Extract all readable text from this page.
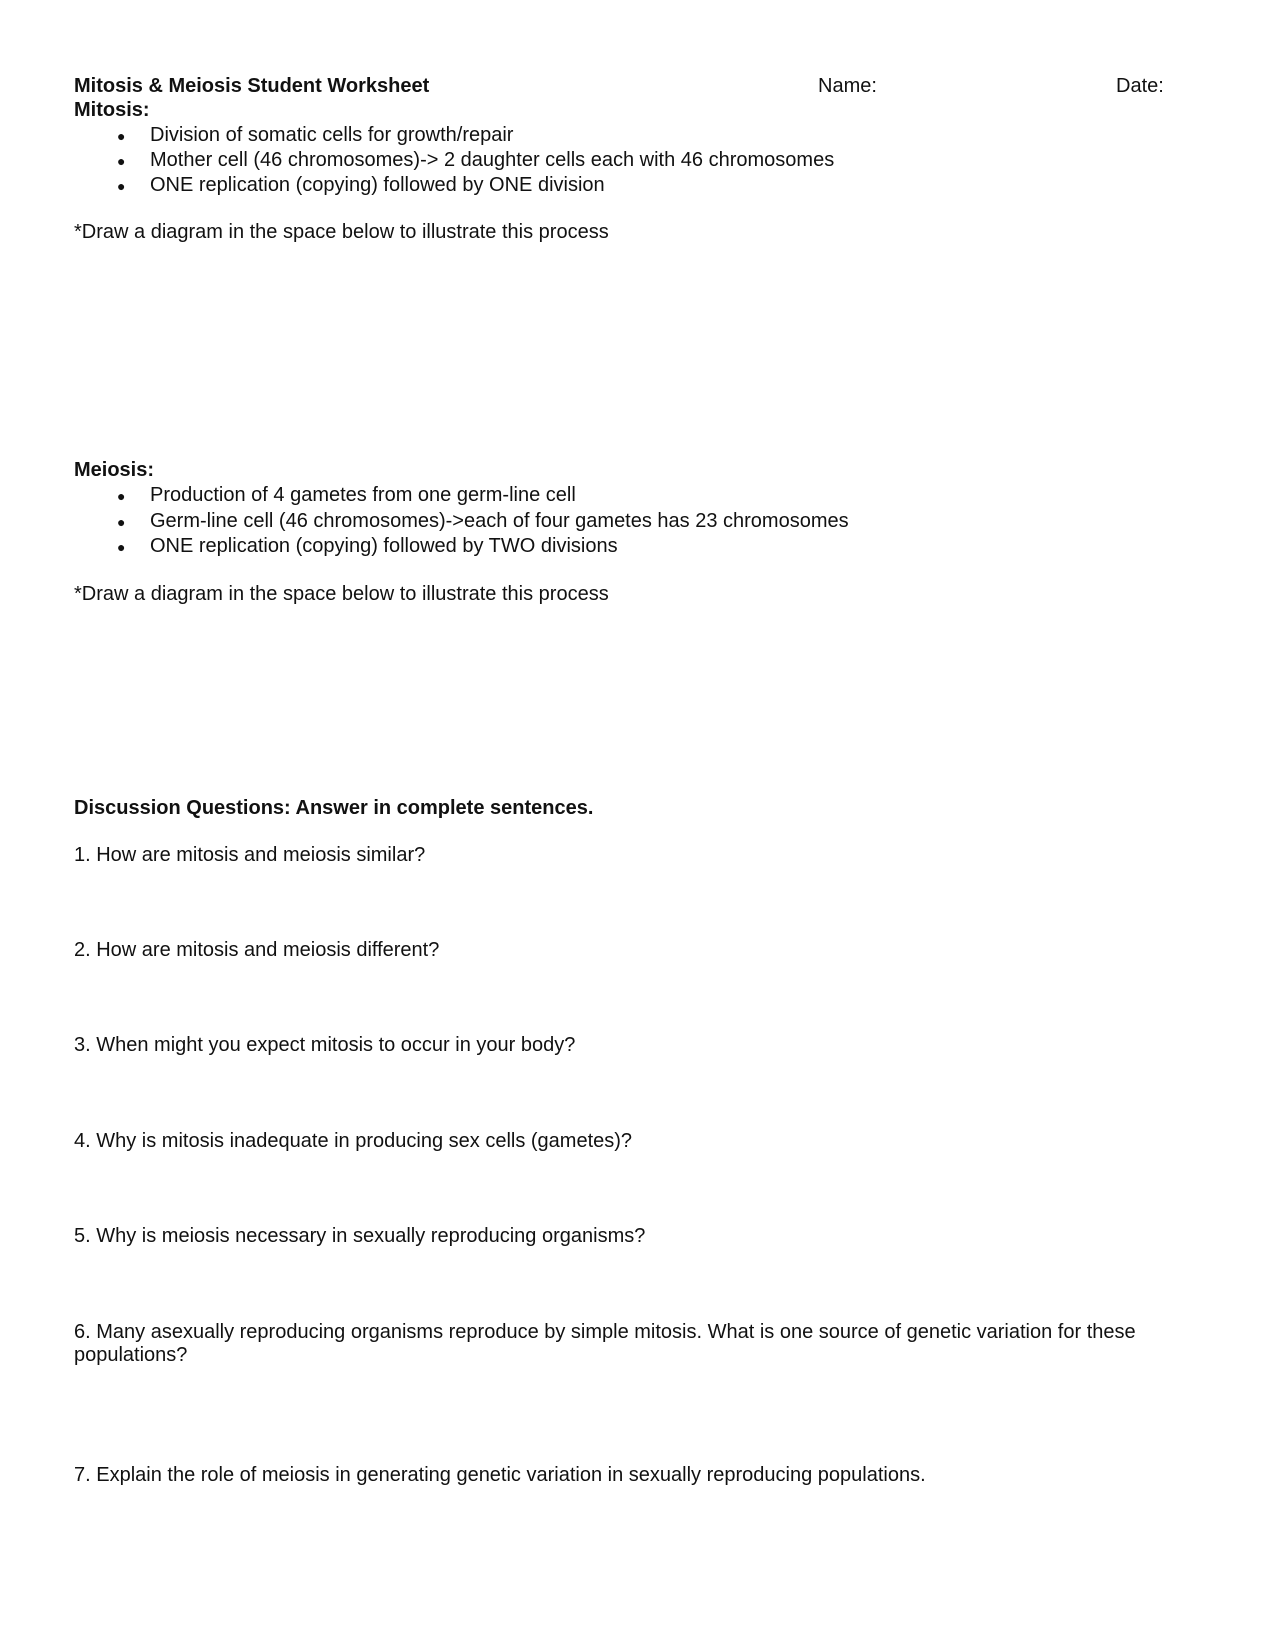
Mitosis & Meiosis Student Worksheet	Name:	Date:
Mitosis:
● Division of somatic cells for growth/repair
● Mother cell (46 chromosomes)-> 2 daughter cells each with 46 chromosomes
● ONE replication (copying) followed by ONE division
*Draw a diagram in the space below to illustrate this process
Meiosis:
● Production of 4 gametes from one germ-line cell
● Germ-line cell (46 chromosomes)->each of four gametes has 23 chromosomes
● ONE replication (copying) followed by TWO divisions
*Draw a diagram in the space below to illustrate this process
Discussion Questions: Answer in complete sentences.
1. How are mitosis and meiosis similar?
2. How are mitosis and meiosis different?
3. When might you expect mitosis to occur in your body?
4. Why is mitosis inadequate in producing sex cells (gametes)?
5. Why is meiosis necessary in sexually reproducing organisms?
6. Many asexually reproducing organisms reproduce by simple mitosis. What is one source of genetic variation for these
populations?
7. Explain the role of meiosis in generating genetic variation in sexually reproducing populations.
